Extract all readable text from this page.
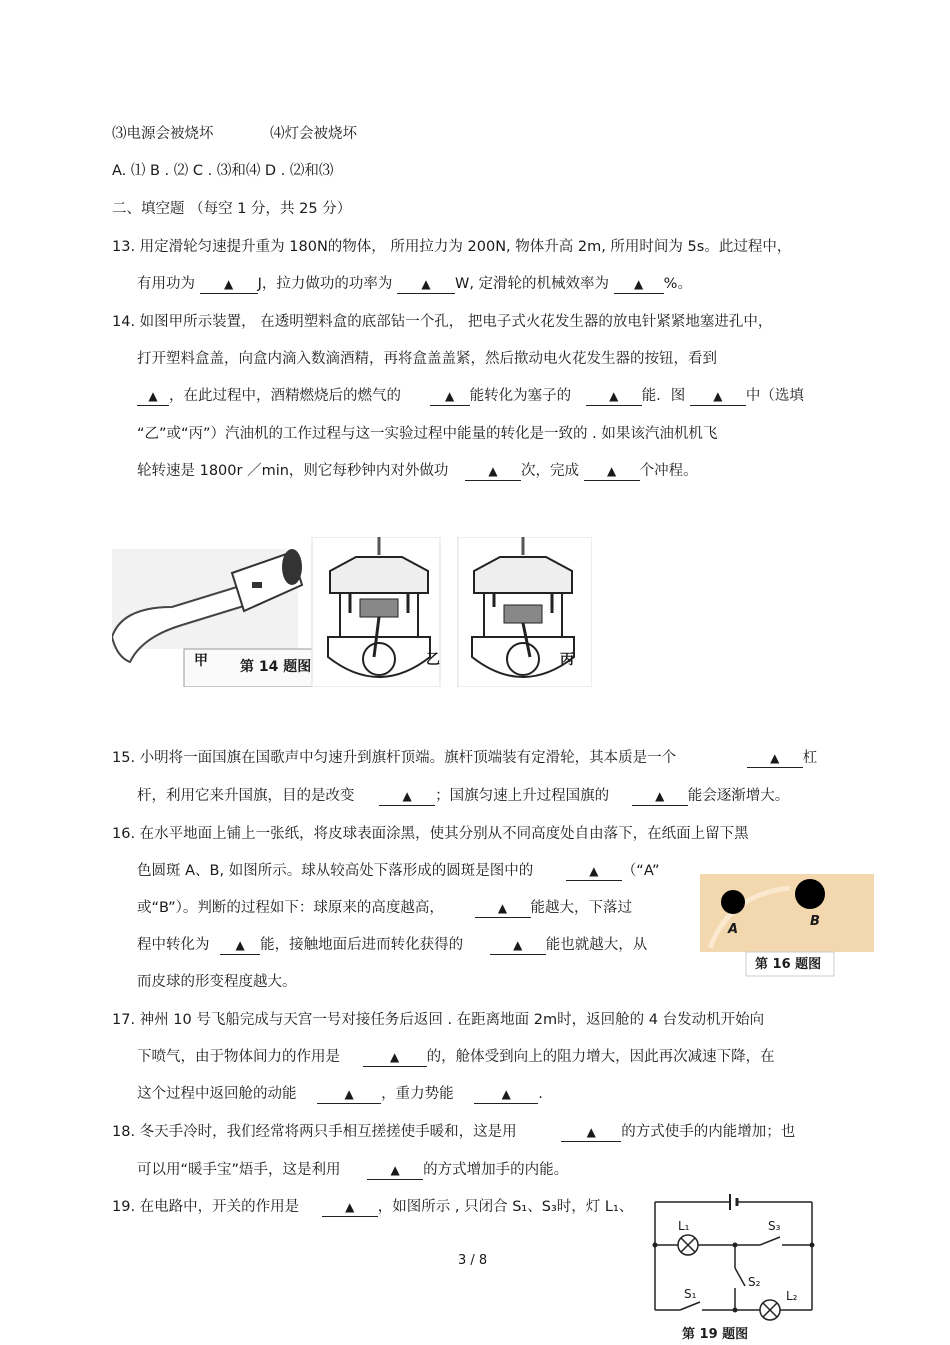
⑶电源会被烧坏	⑷灯会被烧坏
A. ⑴ B . ⑵ C . ⑶和⑷ D . ⑵和⑶
二、填空题 （每空 1 分，共 25 分）
13. 用定滑轮匀速提升重为 180N的物体， 所用拉力为 200N, 物体升高 2m, 所用时间为 5s。此过程中，
有用功为 ▲ J，拉力做功的功率为 ▲ W, 定滑轮的机械效率为 ▲ %。
14. 如图甲所示装置， 在透明塑料盒的底部钻一个孔， 把电子式火花发生器的放电针紧紧地塞进孔中，
打开塑料盒盖，向盒内滴入数滴酒精，再将盒盖盖紧，然后揿动电火花发生器的按钮，看到
▲ ，在此过程中，酒精燃烧后的燃气的	▲ 能转化为塞子的	▲ 能．图 ▲ 中（选填
“乙”或“丙”）汽油机的工作过程与这一实验过程中能量的转化是一致的 . 如果该汽油机机飞
轮转速是 1800r ／min，则它每秒钟内对外做功	▲ 次，完成 ▲ 个冲程。
甲 第 14 题图	乙	丙
15. 小明将一面国旗在国歌声中匀速升到旗杆顶端。旗杆顶端装有定滑轮，其本质是一个	▲ 杠
杆，利用它来升国旗，目的是改变	▲ ；国旗匀速上升过程国旗的	▲ 能会逐渐增大。
16. 在水平地面上铺上一张纸，将皮球表面涂黑，使其分别从不同高度处自由落下，在纸面上留下黑
色圆斑 A、B, 如图所示。球从较高处下落形成的圆斑是图中的	▲ （“A”
或“B”）。判断的过程如下：球原来的高度越高，	▲ 能越大，下落过
程中转化为 ▲ 能，接触地面后进而转化获得的	▲ 能也就越大，从
而皮球的形变程度越大。
A
B
第 16 题图
17. 神州 10 号飞船完成与天宫一号对接任务后返回 . 在距离地面 2m时，返回舱的 4 台发动机开始向
下喷气，由于物体间力的作用是	▲ 的，舱体受到向上的阻力增大，因此再次减速下降，在
这个过程中返回舱的动能	▲ ，重力势能	▲ .
18. 冬天手冷时，我们经常将两只手相互搓搓使手暖和，这是用	▲ 的方式使手的内能增加；也
可以用“暖手宝”焐手，这是利用	▲ 的方式增加手的内能。
19. 在电路中，开关的作用是	▲ ，如图所示 , 只闭合 S₁、S₃时，灯 L₁、
L₁	S₃
S₂
S₁	L₂
第 19 题图
3 / 8
